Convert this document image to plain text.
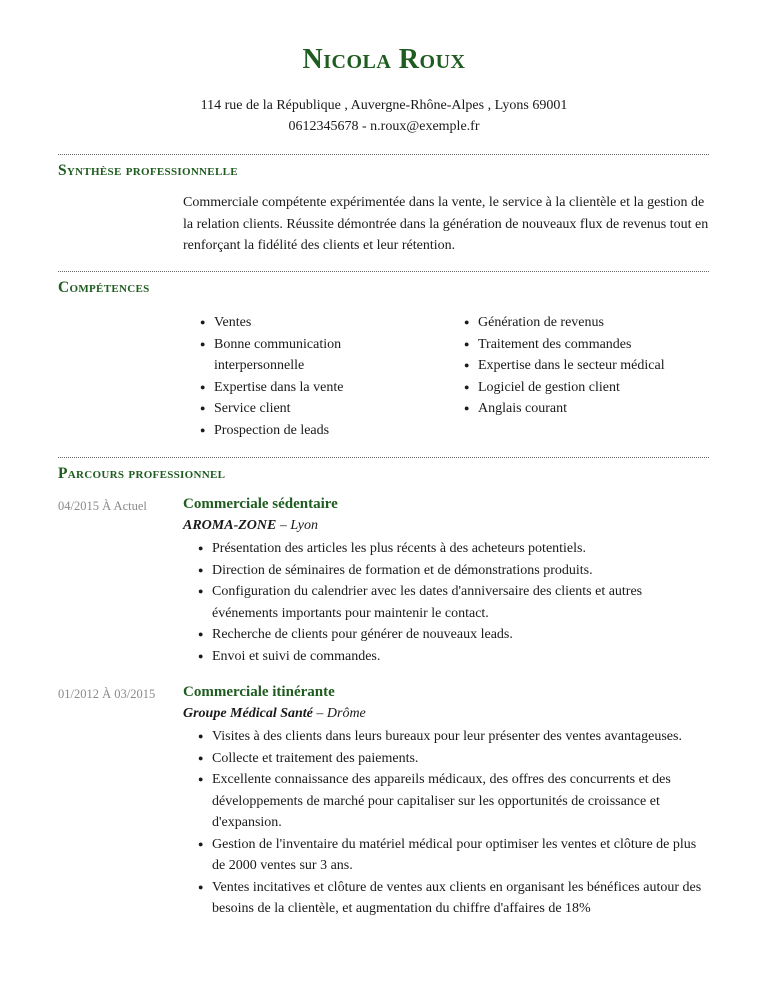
Nicola Roux
114 rue de la République , Auvergne-Rhône-Alpes , Lyons 69001
0612345678 - n.roux@exemple.fr
Synthèse professionnelle

Commerciale compétente expérimentée dans la vente, le service à la clientèle et la gestion de la relation clients. Réussite démontrée dans la génération de nouveaux flux de revenus tout en renforçant la fidélité des clients et leur rétention.

Compétences
● Ventes
● Bonne communication interpersonnelle
● Expertise dans la vente
● Service client
● Prospection de leads
● Génération de revenus
● Traitement des commandes
● Expertise dans le secteur médical
● Logiciel de gestion client
● Anglais courant
Parcours professionnel
04/2015 À Actuel Commerciale sédentaire
AROMA-ZONE – Lyon
● Présentation des articles les plus récents à des acheteurs potentiels.
● Direction de séminaires de formation et de démonstrations produits.
● Configuration du calendrier avec les dates d'anniversaire des clients et autres événements importants pour maintenir le contact.
● Recherche de clients pour générer de nouveaux leads.
● Envoi et suivi de commandes.
01/2012 À 03/2015 Commerciale itinérante
Groupe Médical Santé – Drôme
● Visites à des clients dans leurs bureaux pour leur présenter des ventes avantageuses.
● Collecte et traitement des paiements.
● Excellente connaissance des appareils médicaux, des offres des concurrents et des développements de marché pour capitaliser sur les opportunités de croissance et d'expansion.
● Gestion de l'inventaire du matériel médical pour optimiser les ventes et clôture de plus de 2000 ventes sur 3 ans.
● Ventes incitatives et clôture de ventes aux clients en organisant les bénéfices autour des besoins de la clientèle, et augmentation du chiffre d'affaires de 18%
